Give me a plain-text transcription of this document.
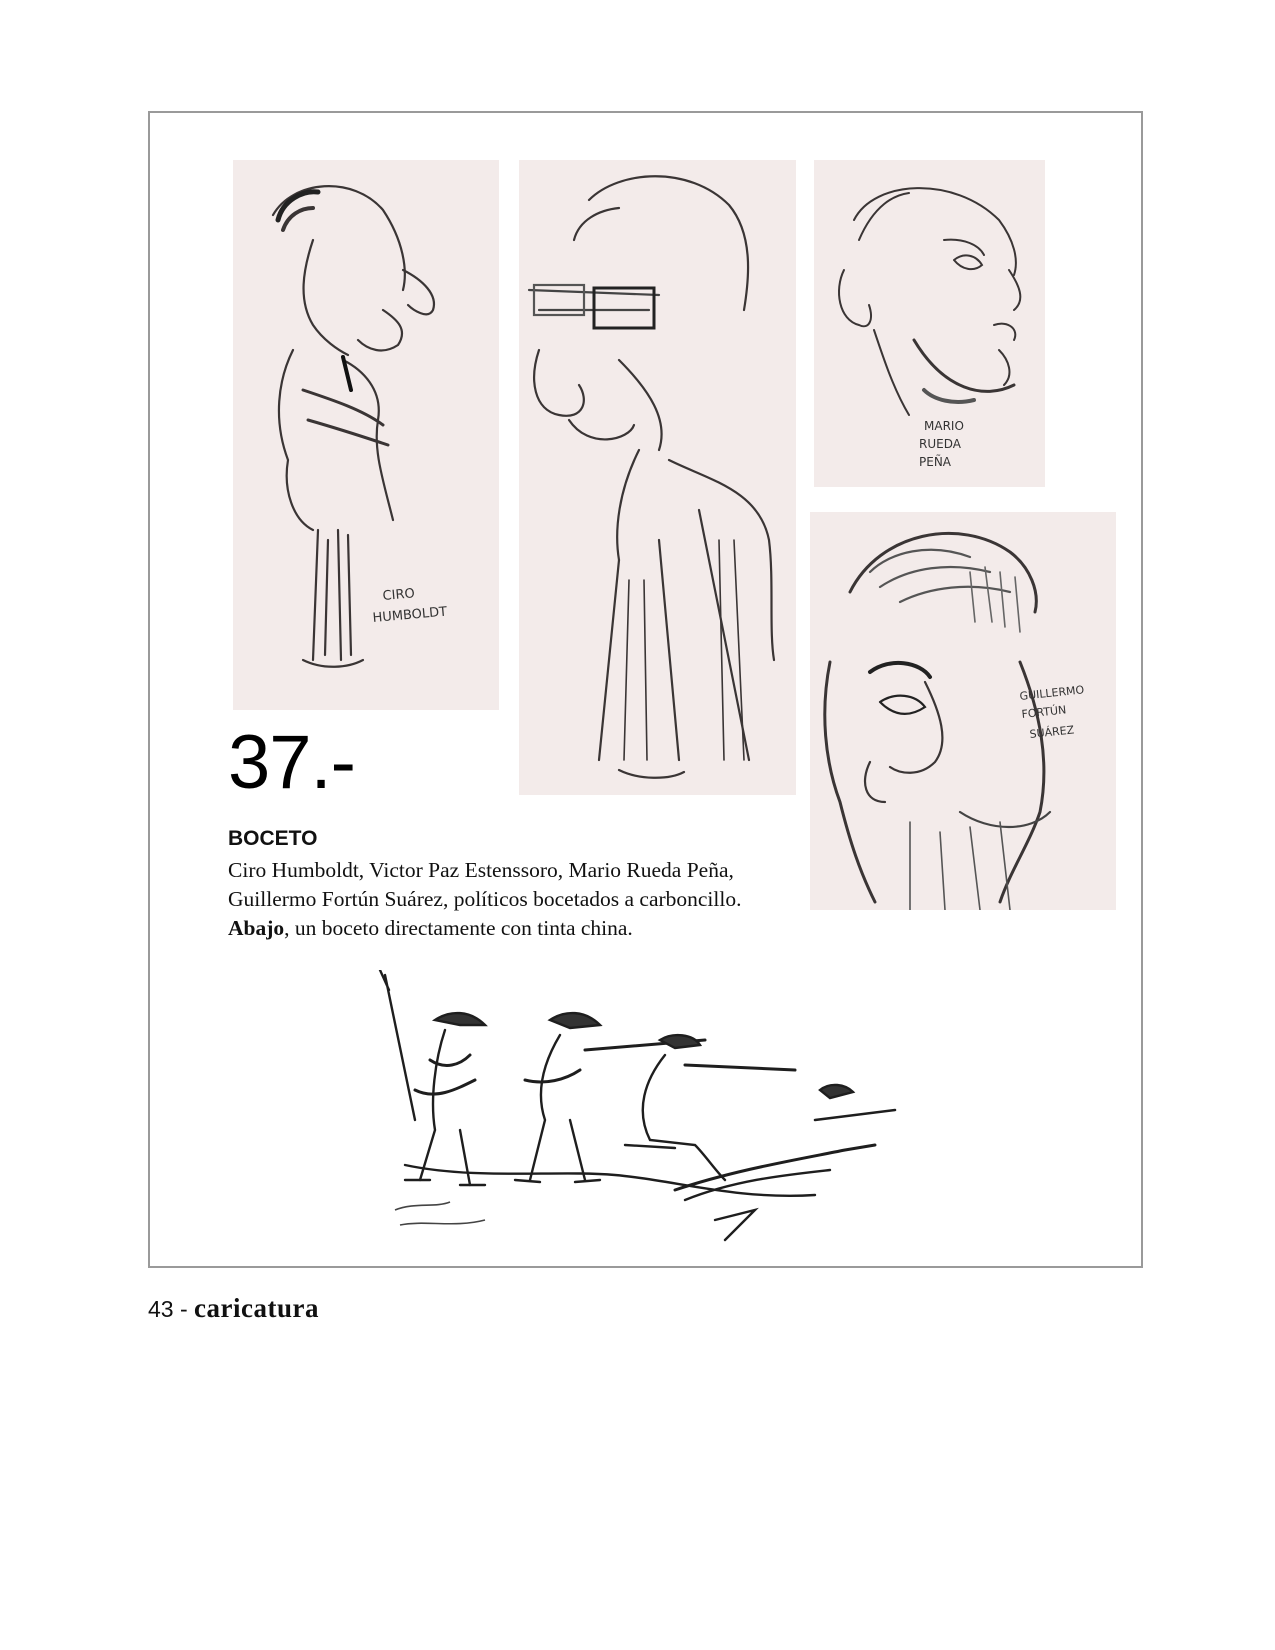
CIRO
HUMBOLDT
MARIO
RUEDA
PEÑA
GUILLERMO
FORTÚN
SUÁREZ
37.-
BOCETO
Ciro Humboldt, Victor Paz Estenssoro, Mario Rueda Peña,
Guillermo Fortún Suárez, políticos bocetados a carboncillo.
Abajo, un boceto directamente con tinta china.
43 - caricatura
